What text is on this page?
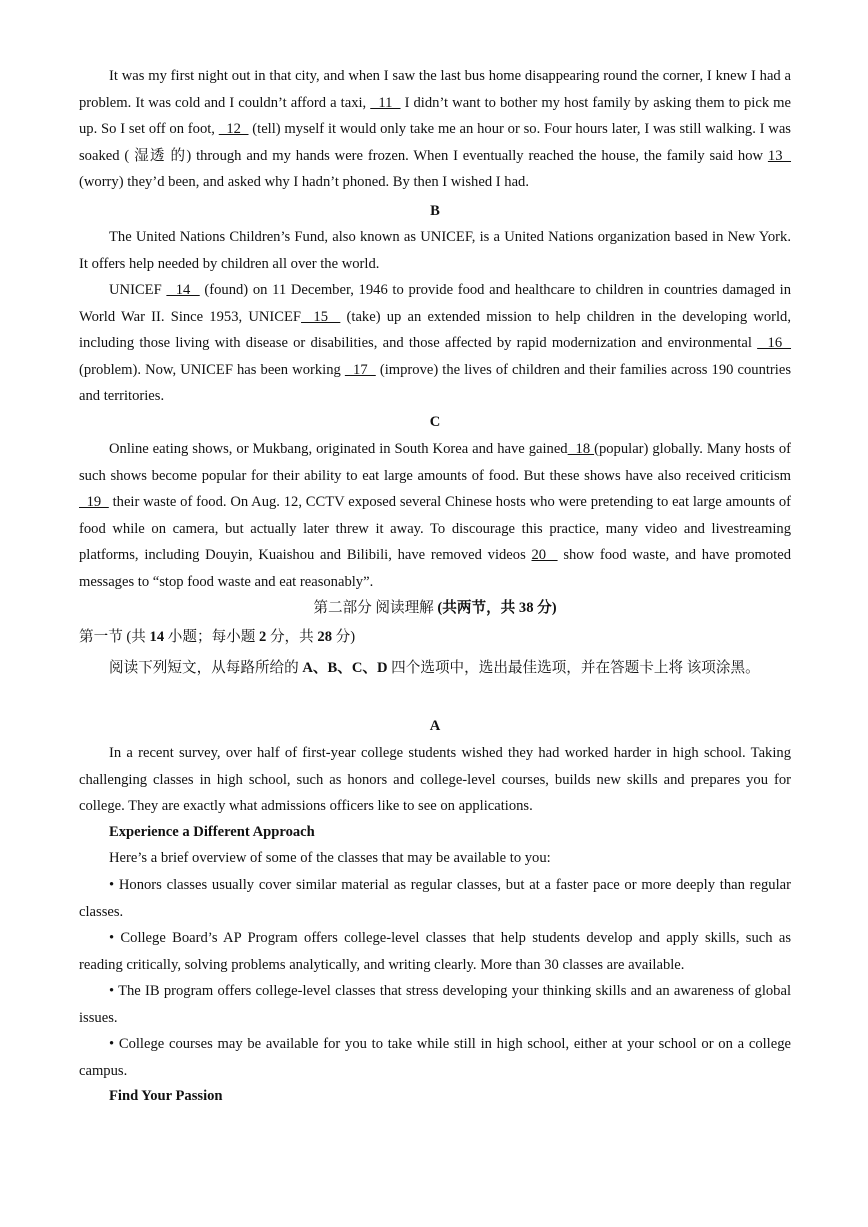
It was my first night out in that city, and when I saw the last bus home disappearing round the corner, I knew I had a problem. It was cold and I couldn’t afford a taxi,   11   I didn’t want to bother my host family by asking them to pick me up. So I set off on foot,   12   (tell) myself it would only take me an hour or so. Four hours later, I was still walking. I was soaked ( 湿透 的) through and my hands were frozen. When I eventually reached the house, the family said how 13   (worry) they’d been, and asked why I hadn’t phoned. By then I wished I had.

B

The United Nations Children’s Fund, also known as UNICEF, is a United Nations organization based in New York. It offers help needed by children all over the world.

UNICEF   14   (found) on 11 December, 1946 to provide food and healthcare to children in countries damaged in World War II. Since 1953, UNICEF  15   (take) up an extended mission to help children in the developing world, including those living with disease or disabilities, and those affected by rapid modernization and environmental   16   (problem). Now, UNICEF has been working   17   (improve) the lives of children and their families across 190 countries and territories.

C

Online eating shows, or Mukbang, originated in South Korea and have gained  18 (popular) globally. Many hosts of such shows become popular for their ability to eat large amounts of food. But these shows have also received criticism   19   their waste of food. On Aug. 12, CCTV exposed several Chinese hosts who were pretending to eat large amounts of food while on camera, but actually later threw it away. To discourage this practice, many video and livestreaming platforms, including Douyin, Kuaishou and Bilibili, have removed videos 20   show food waste, and have promoted messages to “stop food waste and eat reasonably”.

第二部分 阅读理解 (共两节，共 38 分)

第一节 (共 14 小题；每小题 2 分，共 28 分)

阅读下列短文，从每路所给的 A、B、C、D 四个选项中，选出最佳选项，并在答题卡上将 该项涂黑。

A

In a recent survey, over half of first-year college students wished they had worked harder in high school. Taking challenging classes in high school, such as honors and college-level courses, builds new skills and prepares you for college. They are exactly what admissions officers like to see on applications.

Experience a Different Approach

Here’s a brief overview of some of the classes that may be available to you:

• Honors classes usually cover similar material as regular classes, but at a faster pace or more deeply than regular classes.

• College Board’s AP Program offers college-level classes that help students develop and apply skills, such as reading critically, solving problems analytically, and writing clearly. More than 30 classes are available.

• The IB program offers college-level classes that stress developing your thinking skills and an awareness of global issues.

• College courses may be available for you to take while still in high school, either at your school or on a college campus.

Find Your Passion
